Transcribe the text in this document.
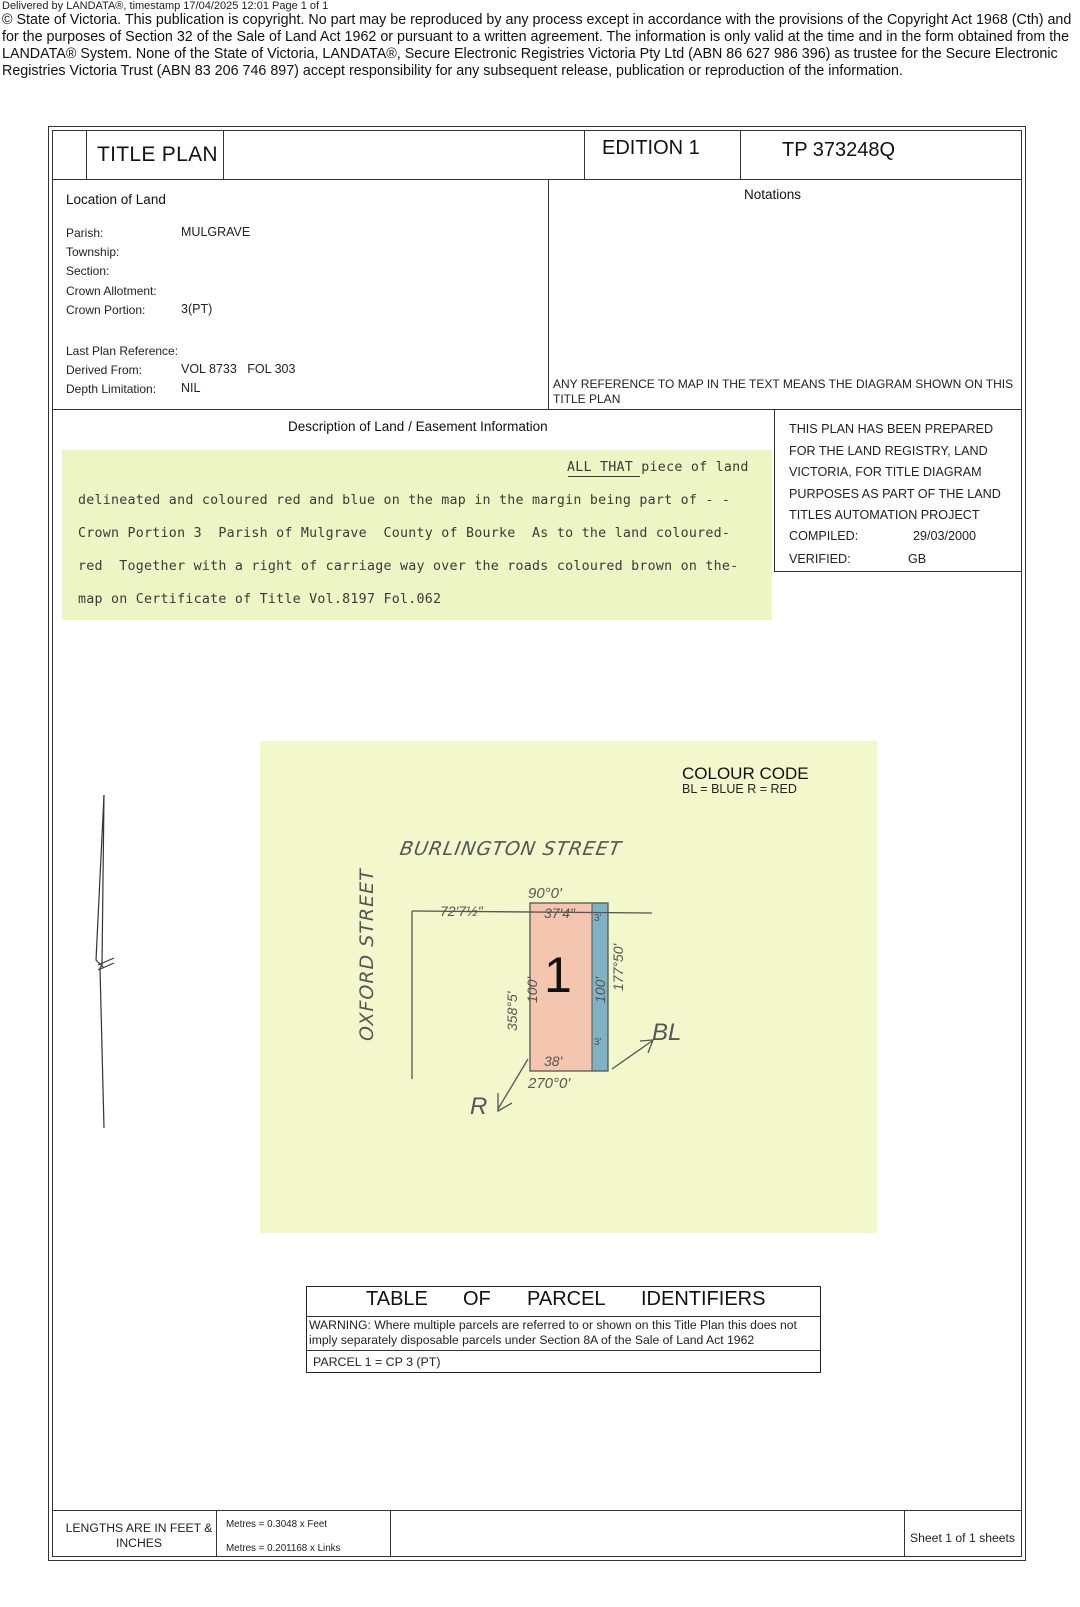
Delivered by LANDATA®, timestamp 17/04/2025 12:01 Page 1 of 1
© State of Victoria. This publication is copyright. No part may be reproduced by any process except in accordance with the provisions of the Copyright Act 1968 (Cth) and for the purposes of Section 32 of the Sale of Land Act 1962 or pursuant to a written agreement. The information is only valid at the time and in the form obtained from the LANDATA® System. None of the State of Victoria, LANDATA®, Secure Electronic Registries Victoria Pty Ltd (ABN 86 627 986 396) as trustee for the Secure Electronic Registries Victoria Trust (ABN 83 206 746 897) accept responsibility for any subsequent release, publication or reproduction of the information.
TITLE PLAN	EDITION 1	TP 373248Q
Location of Land
Parish:	MULGRAVE
Township:
Section:
Crown Allotment:
Crown Portion:	3(PT)
Last Plan Reference:
Derived From:	VOL 8733   FOL 303
Depth Limitation: NIL
Notations
ANY REFERENCE TO MAP IN THE TEXT MEANS THE DIAGRAM SHOWN ON THIS TITLE PLAN
Description of Land / Easement Information	THIS PLAN HAS BEEN PREPARED FOR THE LAND REGISTRY, LAND VICTORIA, FOR TITLE DIAGRAM PURPOSES AS PART OF THE LAND TITLES AUTOMATION PROJECT
COMPILED:	29/03/2000
VERIFIED:	GB
ALL THAT piece of land
delineated and coloured red and blue on the map in the margin being part of - -
Crown Portion 3  Parish of Mulgrave  County of Bourke  As to the land coloured-
red  Together with a right of carriage way over the roads coloured brown on the-
map on Certificate of Title Vol.8197 Fol.062
BURLINGTON STREET
OXFORD STREET	90°0'
270°0'
72'7½"	37'4"
38'
358°5'
100'	100' 177°50'
3'
3'
1
BL
R
COLOUR CODE
BL = BLUE R = RED
TABLE OF PARCEL IDENTIFIERS
WARNING: Where multiple parcels are referred to or shown on this Title Plan this does not imply separately disposable parcels under Section 8A of the Sale of Land Act 1962
PARCEL 1 = CP 3 (PT)
LENGTHS ARE IN FEET & INCHES
Metres = 0.3048 x Feet
Metres = 0.201168 x Links
Sheet 1 of 1 sheets
